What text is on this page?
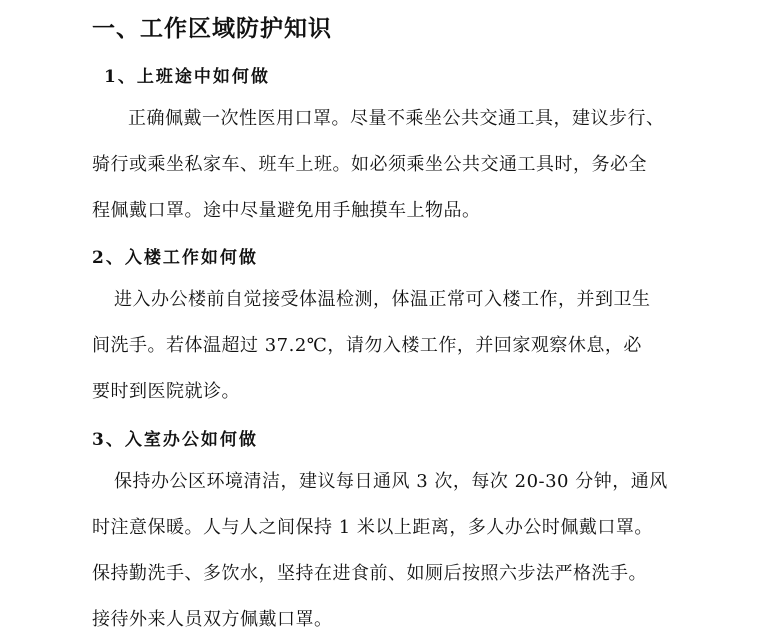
一、工作区域防护知识
1、上班途中如何做
正确佩戴一次性医用口罩。尽量不乘坐公共交通工具，建议步行、
骑行或乘坐私家车、班车上班。如必须乘坐公共交通工具时，务必全
程佩戴口罩。途中尽量避免用手触摸车上物品。
2、入楼工作如何做
进入办公楼前自觉接受体温检测，体温正常可入楼工作，并到卫生
间洗手。若体温超过 37.2℃，请勿入楼工作，并回家观察休息，必
要时到医院就诊。
3、入室办公如何做
保持办公区环境清洁，建议每日通风 3 次，每次 20-30 分钟，通风
时注意保暖。人与人之间保持 1 米以上距离，多人办公时佩戴口罩。
保持勤洗手、多饮水，坚持在进食前、如厕后按照六步法严格洗手。
接待外来人员双方佩戴口罩。
